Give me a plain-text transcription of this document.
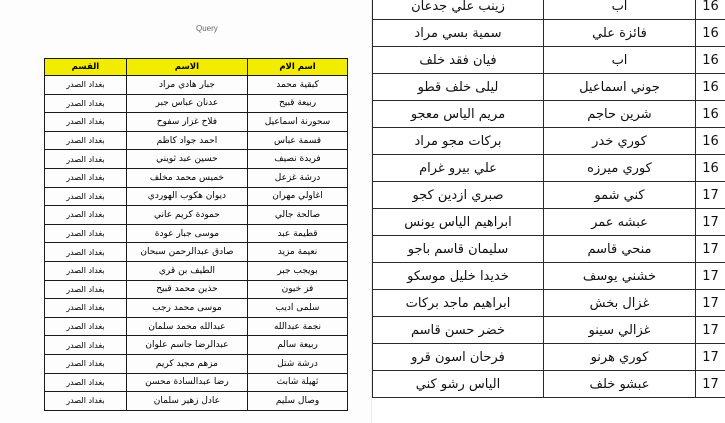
Query
اسم الام	الاسم	القسم
كبقية محمد	جبار هادي مراد	بغداد الصدر
ربيعة قبيح	عدنان عباس جبر	بغداد الصدر
سحورنة اسماعيل	فلاح غزار سفوح	بغداد الصدر
قسمة عباس	احمد جواد كاظم	بغداد الصدر
فريدة نصيف	حسين عبد ثويني	بغداد الصدر
درشة غزعل	خميس محمد مخلف	بغداد الصدر
اغاولي مهران	ديوان هكوب الهوردي	بغداد الصدر
صالحة جالي	حمودة كريم عاني	بغداد الصدر
قطيمة عبد	موسى جبار عودة	بغداد الصدر
نعيمة مزيد	صادق عبدالرحمن سبحان	بغداد الصدر
بويجب جبر	الطيف بن قري	بغداد الصدر
فز خيون	حذين محمد قبيح	بغداد الصدر
سلمى اديب	موسى محمد رجب	بغداد الصدر
نجمة عبدالله	عبدالله محمد سلمان	بغداد الصدر
ربيعة سالم	عبدالرضا جاسم علوان	بغداد الصدر
درشة شتل	مزهم مجيد كريم	بغداد الصدر
ثهيلة شابث	رضا عبدالسادة محسن	بغداد الصدر
وصال سليم	عادل زهير سلمان	بغداد الصدر
16	اب	زينب علي جدعان
16	فائزة علي	سمية بسي مراد
16	اب	فيان فقد خلف
16	جوني اسماعيل	ليلى خلف قطو
16	شرين حاجم	مريم الياس معجو
16	كوري خدر	بركات مجو مراد
16	كوري ميرزه	علي بيرو غرام
17	كني شمو	صبري ازدين كجو
17	عبشه عمر	ابراهيم الياس يونس
17	منحي قاسم	سليمان قاسم باجو
17	خشني يوسف	خديدا خليل موسكو
17	غزال بخش	ابراهيم ماجد بركات
17	غزالي سينو	خضر حسن قاسم
17	كوري هرنو	فرحان اسون قرو
17	عبشو خلف	الياس رشو كني
